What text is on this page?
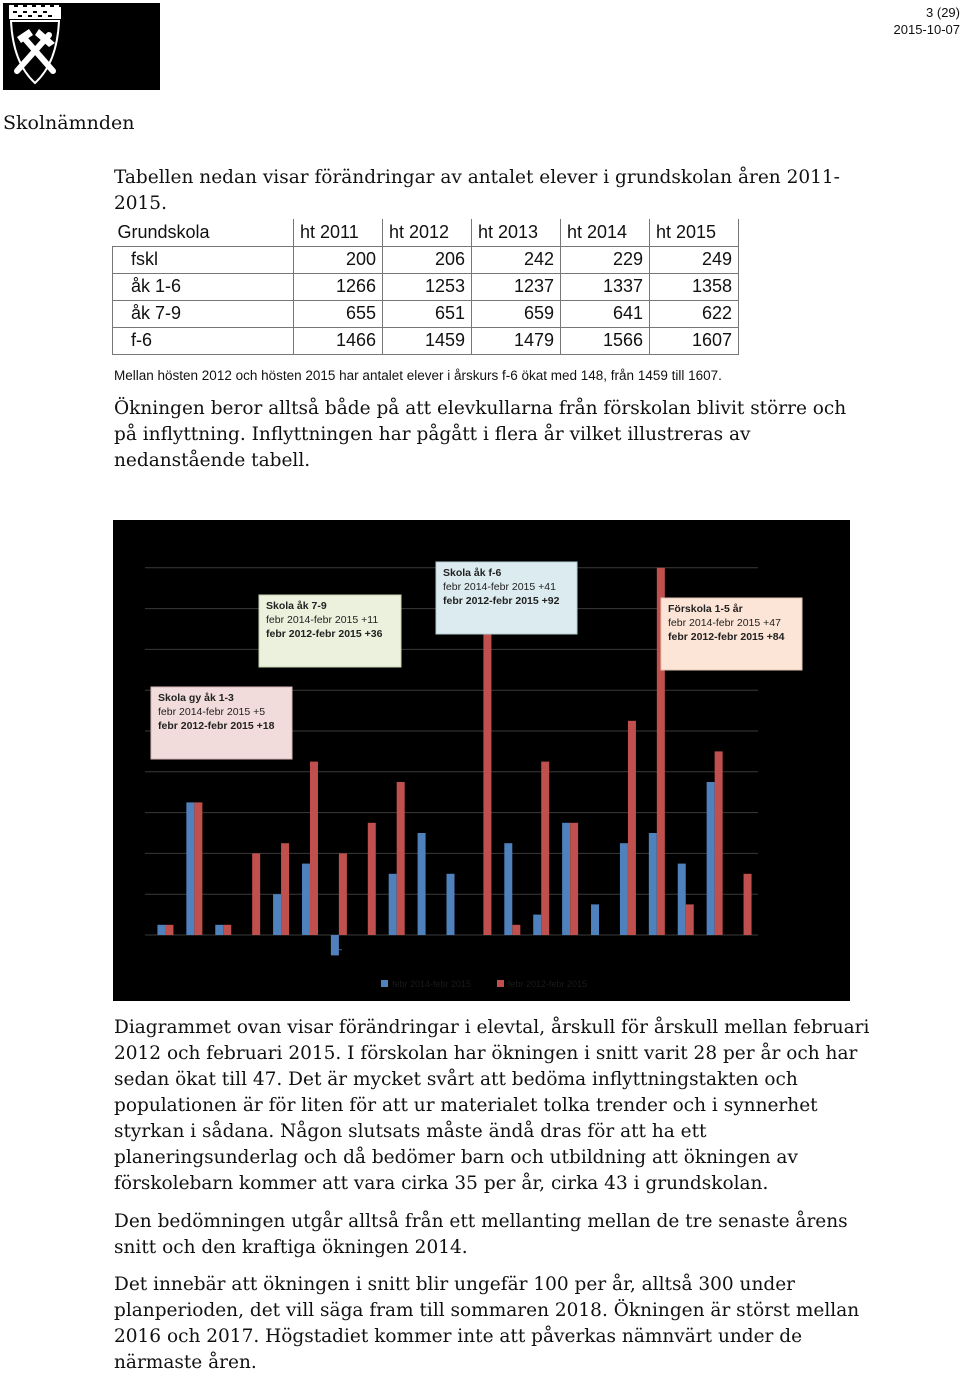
3 (29)
2015-10-07
Skolnämnden

Tabellen nedan visar förändringar av antalet elever i grundskolan åren 2011-2015.

Grundskola	ht 2011	ht 2012	ht 2013	ht 2014	ht 2015
fskl	200	206	242	229	249
åk 1-6	1266	1253	1237	1337	1358
åk 7-9	655	651	659	641	622
f-6	1466	1459	1479	1566	1607
Mellan hösten 2012 och hösten 2015 har antalet elever i årskurs f-6 ökat med 148, från 1459 till 1607.

Ökningen beror alltså både på att elevkullarna från förskolan blivit större och på inflyttning. Inflyttningen har pågått i flera år vilket illustreras av nedanstående tabell.

7
febr 2014-febr 2015	febr 2012-febr 2015
Skola åk 7-9
febr 2014-febr 2015 +11
febr 2012-febr 2015 +36
Skola åk f-6
febr 2014-febr 2015 +41
febr 2012-febr 2015 +92
Förskola 1-5 år
febr 2014-febr 2015 +47
febr 2012-febr 2015 +84
Skola gy åk 1-3
febr 2014-febr 2015 +5
febr 2012-febr 2015 +18

Diagrammet ovan visar förändringar i elevtal, årskull för årskull mellan februari 2012 och februari 2015. I förskolan har ökningen i snitt varit 28 per år och har sedan ökat till 47. Det är mycket svårt att bedöma inflyttningstakten och populationen är för liten för att ur materialet tolka trender och i synnerhet styrkan i sådana. Någon slutsats måste ändå dras för att ha ett planeringsunderlag och då bedömer barn och utbildning att ökningen av förskolebarn kommer att vara cirka 35 per år, cirka 43 i grundskolan.

Den bedömningen utgår alltså från ett mellanting mellan de tre senaste årens snitt och den kraftiga ökningen 2014.

Det innebär att ökningen i snitt blir ungefär 100 per år, alltså 300 under planperioden, det vill säga fram till sommaren 2018. Ökningen är störst mellan 2016 och 2017. Högstadiet kommer inte att påverkas nämnvärt under de närmaste åren.
